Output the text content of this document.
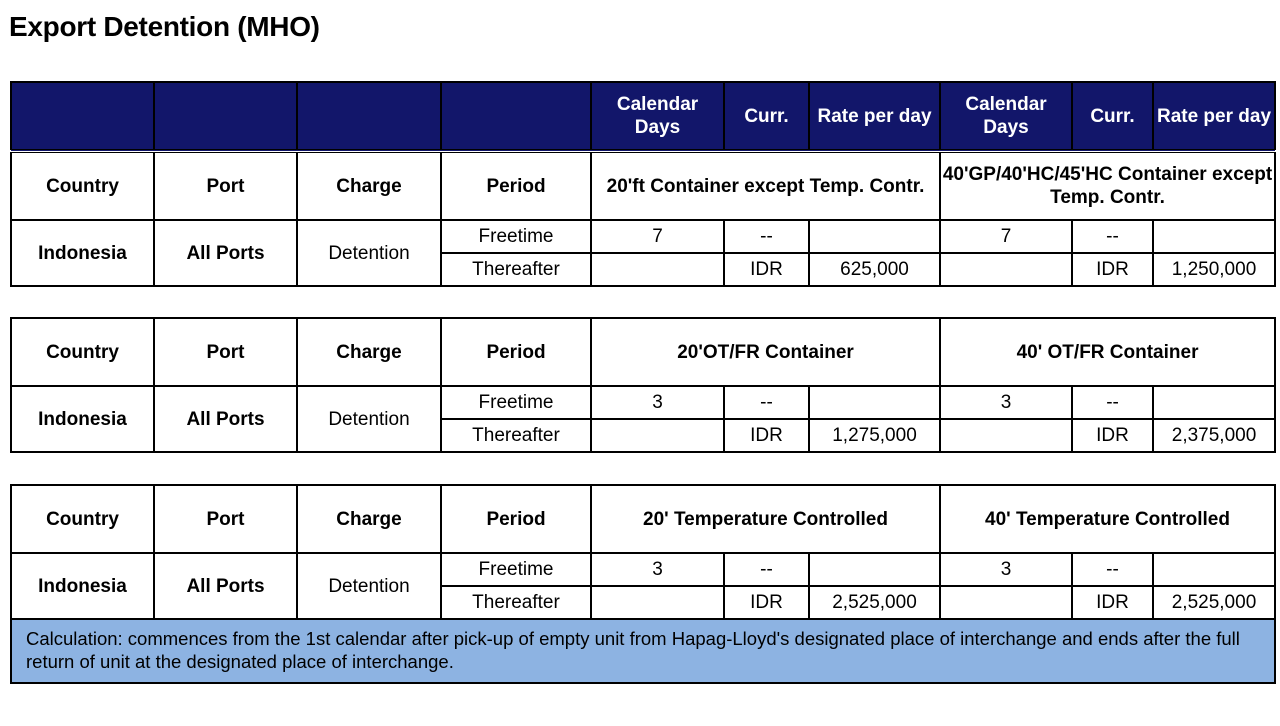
Export Detention (MHO)
				Calendar Days	Curr.	Rate per day	Calendar Days	Curr.	Rate per day
Country	Port	Charge	Period	20'ft Container except Temp. Contr.			40'GP/40'HC/45'HC Container except Temp. Contr.		
Indonesia	All Ports	Detention	Freetime	7	--		7	--	
			Thereafter		IDR	625,000		IDR	1,250,000
Country	Port	Charge	Period	20'OT/FR Container			40' OT/FR Container		
Indonesia	All Ports	Detention	Freetime	3	--		3	--	
			Thereafter		IDR	1,275,000		IDR	2,375,000
Country	Port	Charge	Period	20' Temperature Controlled			40' Temperature Controlled		
Indonesia	All Ports	Detention	Freetime	3	--		3	--	
			Thereafter		IDR	2,525,000		IDR	2,525,000
Calculation: commences from the 1st calendar after pick-up of empty unit from Hapag-Lloyd's designated place of interchange and ends after the full return of unit at the designated place of interchange.									
